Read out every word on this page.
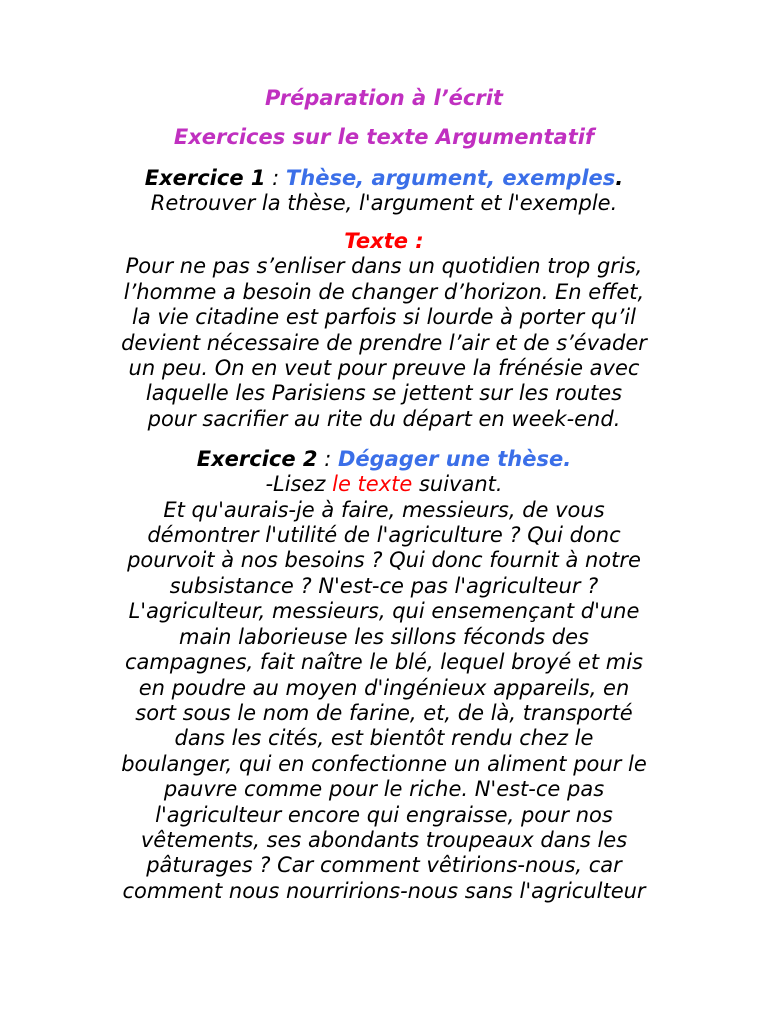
Préparation à l’écrit

Exercices sur le texte Argumentatif

Exercice 1 : Thèse, argument, exemples.

Retrouver la thèse, l'argument et l'exemple.

Texte :

Pour ne pas s’enliser dans un quotidien trop gris,

l’homme a besoin de changer d’horizon. En effet,

la vie citadine est parfois si lourde à porter qu’il

devient nécessaire de prendre l’air et de s’évader

un peu. On en veut pour preuve la frénésie avec

laquelle les Parisiens se jettent sur les routes

pour sacrifier au rite du départ en week-end.

Exercice 2 : Dégager une thèse.

-Lisez le texte suivant.

Et qu'aurais-je à faire, messieurs, de vous

démontrer l'utilité de l'agriculture ? Qui donc

pourvoit à nos besoins ? Qui donc fournit à notre

subsistance ? N'est-ce pas l'agriculteur ?

L'agriculteur, messieurs, qui ensemençant d'une

main laborieuse les sillons féconds des

campagnes, fait naître le blé, lequel broyé et mis

en poudre au moyen d'ingénieux appareils, en

sort sous le nom de farine, et, de là, transporté

dans les cités, est bientôt rendu chez le

boulanger, qui en confectionne un aliment pour le

pauvre comme pour le riche. N'est-ce pas

l'agriculteur encore qui engraisse, pour nos

vêtements, ses abondants troupeaux dans les

pâturages ? Car comment vêtirions-nous, car

comment nous nourririons-nous sans l'agriculteur
